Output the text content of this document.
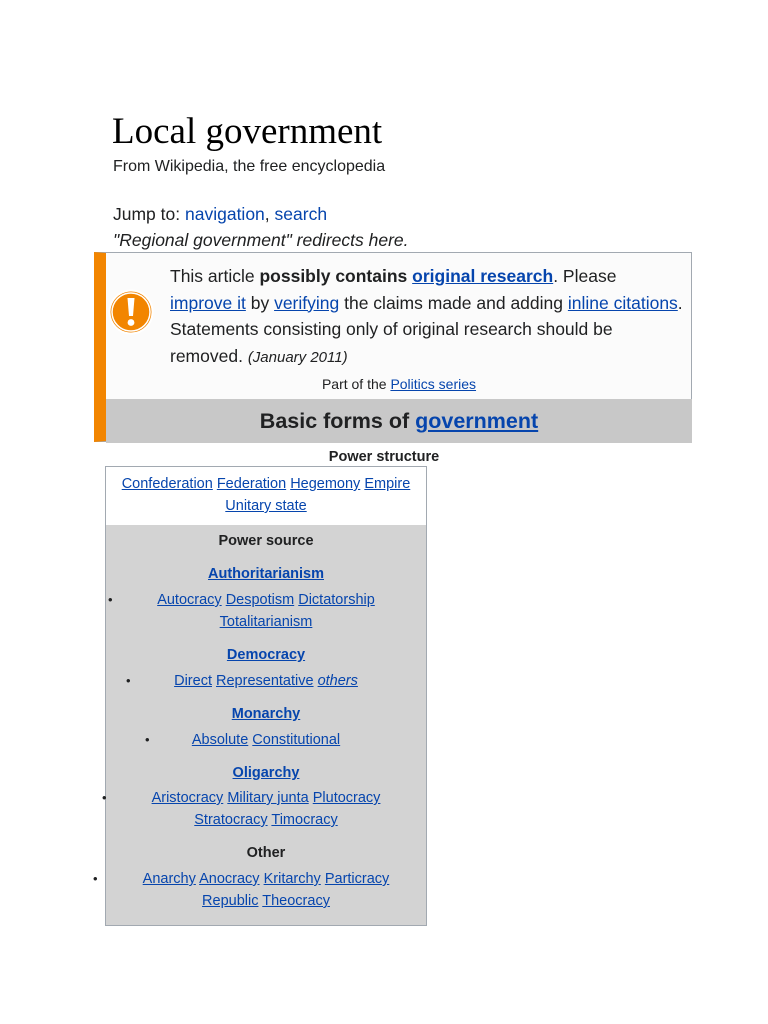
Local government
From Wikipedia, the free encyclopedia
Jump to: navigation, search
"Regional government" redirects here.
This article possibly contains original research. Please
improve it by verifying the claims made and adding inline citations.
Statements consisting only of original research should be removed. (January 2011)
Part of the Politics series
Basic forms of government
Power structure
Confederation Federation Hegemony Empire
Unitary state
Power source
Authoritarianism
•	Autocracy Despotism Dictatorship
Totalitarianism
Democracy
•	Direct Representative others
Monarchy
•	Absolute Constitutional
Oligarchy
•	Aristocracy Military junta Plutocracy
Stratocracy Timocracy
Other
•	Anarchy Anocracy Kritarchy Particracy
Republic Theocracy
